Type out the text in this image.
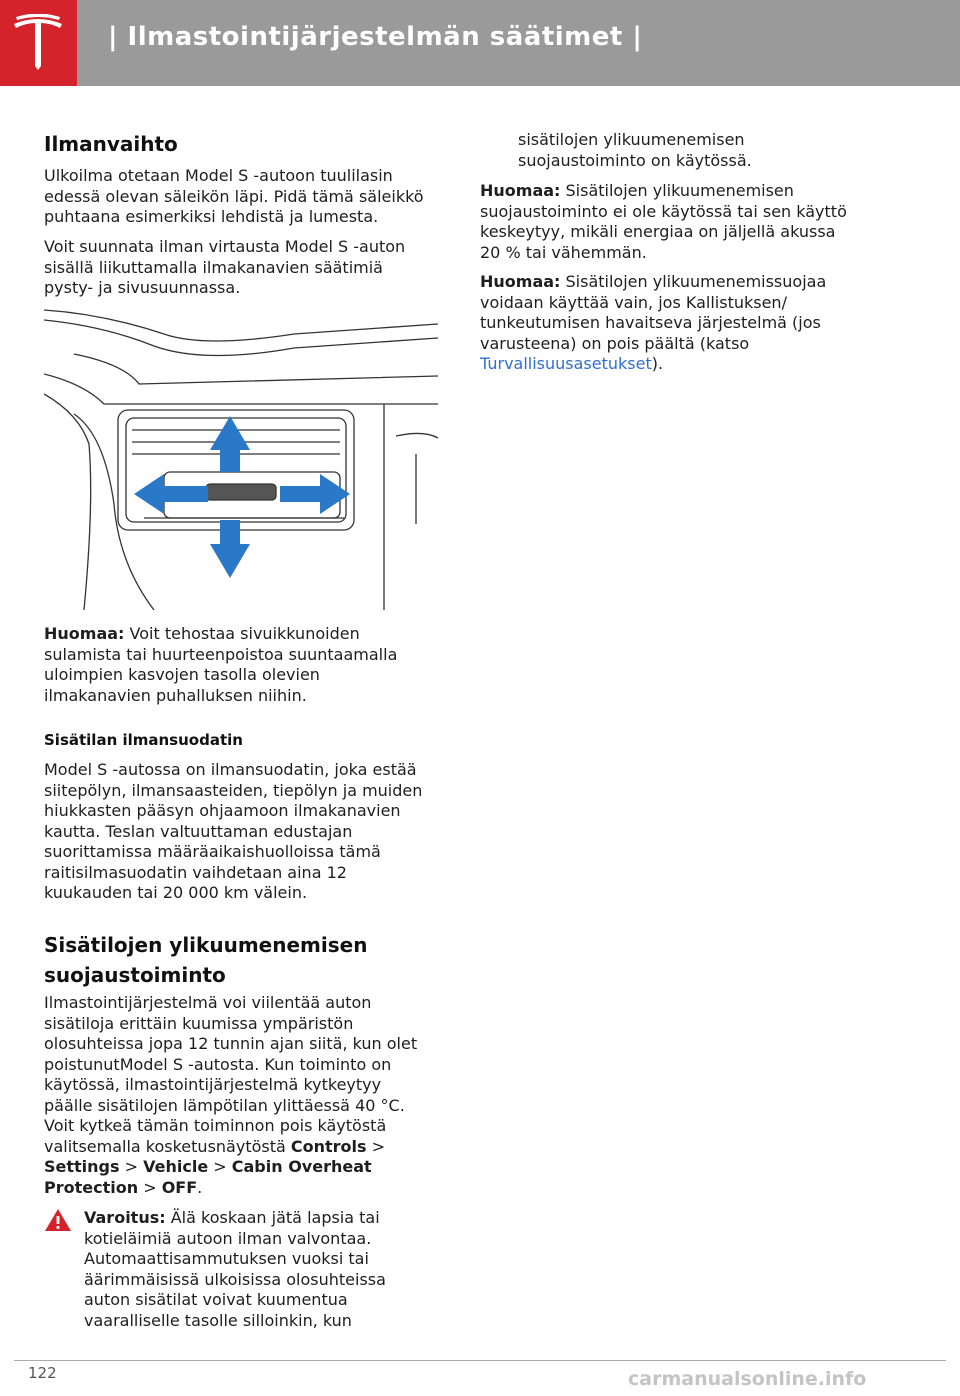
| Ilmastointijärjestelmän säätimet |
Ilmanvaihto
Ulkoilma otetaan Model S -autoon tuulilasin
edessä olevan säleikön läpi. Pidä tämä säleikkö
puhtaana esimerkiksi lehdistä ja lumesta.
Voit suunnata ilman virtausta Model S -auton
sisällä liikuttamalla ilmakanavien säätimiä
pysty- ja sivusuunnassa.
Huomaa: Voit tehostaa sivuikkunoiden
sulamista tai huurteenpoistoa suuntaamalla
uloimpien kasvojen tasolla olevien
ilmakanavien puhalluksen niihin.
Sisätilan ilmansuodatin
Model S -autossa on ilmansuodatin, joka estää
siitepölyn, ilmansaasteiden, tiepölyn ja muiden
hiukkasten pääsyn ohjaamoon ilmakanavien
kautta. Teslan valtuuttaman edustajan
suorittamissa määräaikaishuolloissa tämä
raitisilmasuodatin vaihdetaan aina 12
kuukauden tai 20 000 km välein.
Sisätilojen ylikuumenemisen
suojaustoiminto
Ilmastointijärjestelmä voi viilentää auton
sisätiloja erittäin kuumissa ympäristön
olosuhteissa jopa 12 tunnin ajan siitä, kun olet
poistunutModel S -autosta. Kun toiminto on
käytössä, ilmastointijärjestelmä kytkeytyy
päälle sisätilojen lämpötilan ylittäessä 40 °C.
Voit kytkeä tämän toiminnon pois käytöstä
valitsemalla kosketusnäytöstä Controls >
Settings > Vehicle > Cabin Overheat
Protection > OFF.
Varoitus: Älä koskaan jätä lapsia tai
kotieläimiä autoon ilman valvontaa.
Automaattisammutuksen vuoksi tai
äärimmäisissä ulkoisissa olosuhteissa
auton sisätilat voivat kuumentua
vaaralliselle tasolle silloinkin, kun
sisätilojen ylikuumenemisen
suojaustoiminto on käytössä.
Huomaa: Sisätilojen ylikuumenemisen
suojaustoiminto ei ole käytössä tai sen käyttö
keskeytyy, mikäli energiaa on jäljellä akussa
20 % tai vähemmän.
Huomaa: Sisätilojen ylikuumenemissuojaa
voidaan käyttää vain, jos Kallistuksen/
tunkeutumisen havaitseva järjestelmä (jos
varusteena) on pois päältä (katso
Turvallisuusasetukset).
122	carmanualsonline.info
